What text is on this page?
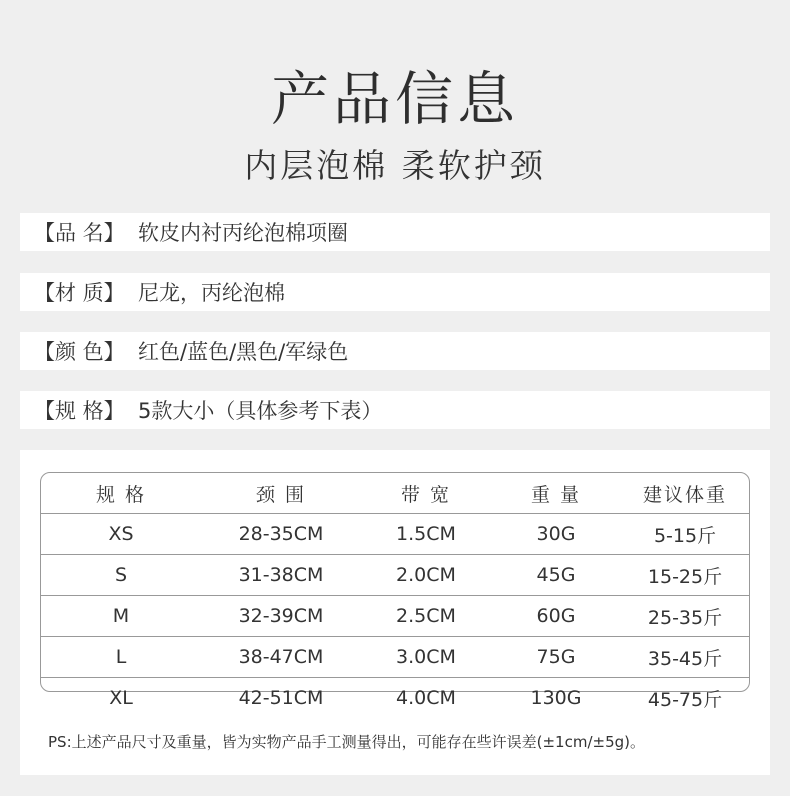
产品信息
内层泡棉 柔软护颈
【品 名】 软皮内衬丙纶泡棉项圈
【材 质】 尼龙，丙纶泡棉
【颜 色】 红色/蓝色/黑色/军绿色
【规 格】 5款大小（具体参考下表）
规 格	颈 围	带 宽	重 量	建议体重
XS	28-35CM	1.5CM	30G	5-15斤
S	31-38CM	2.0CM	45G	15-25斤
M	32-39CM	2.5CM	60G	25-35斤
L	38-47CM	3.0CM	75G	35-45斤
XL	42-51CM	4.0CM	130G	45-75斤
PS:上述产品尺寸及重量，皆为实物产品手工测量得出，可能存在些许误差(±1cm/±5g)。
